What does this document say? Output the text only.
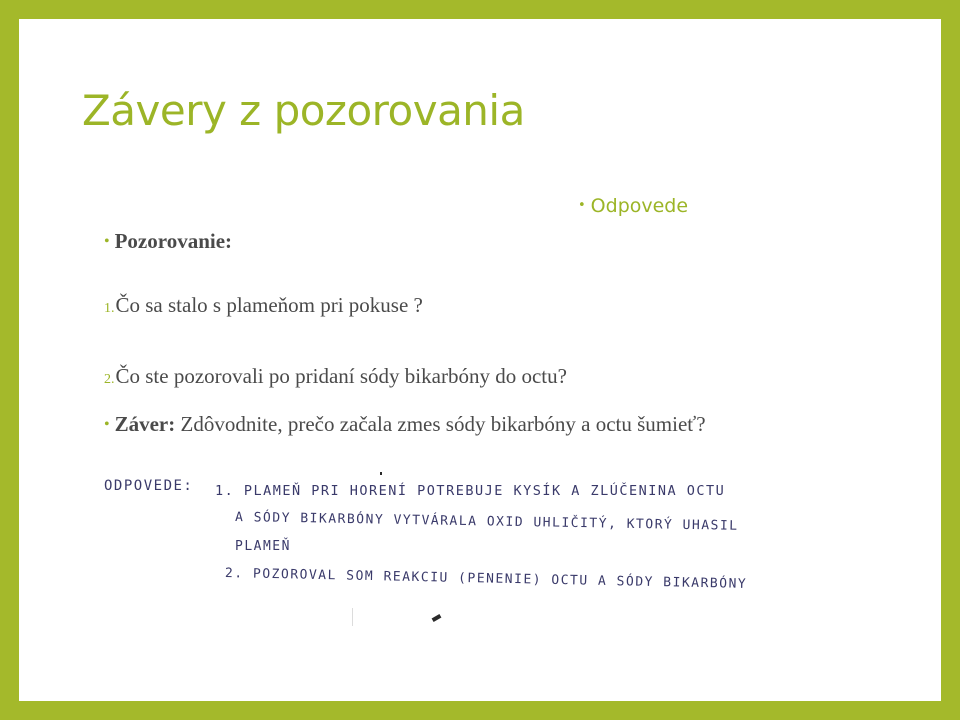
Závery z pozorovania
• Pozorovanie:
• Odpovede
1.Čo sa stalo s plameňom pri pokuse ?
2.Čo ste pozorovali po pridaní sódy bikarbóny do octu?
• Záver: Zdôvodnite, prečo začala zmes sódy bikarbóny a octu šumieť?
ODPOVEDE: 1. PLAMEŇ PRI HORENÍ POTREBUJE KYSÍK A ZLÚČENINA OCTU
A SÓDY BIKARBÓNY VYTVÁRALA OXID UHLIČITÝ, KTORÝ UHASIL
PLAMEŇ
2. POZOROVAL SOM REAKCIU (PENENIE) OCTU A SÓDY BIKARBÓNY
